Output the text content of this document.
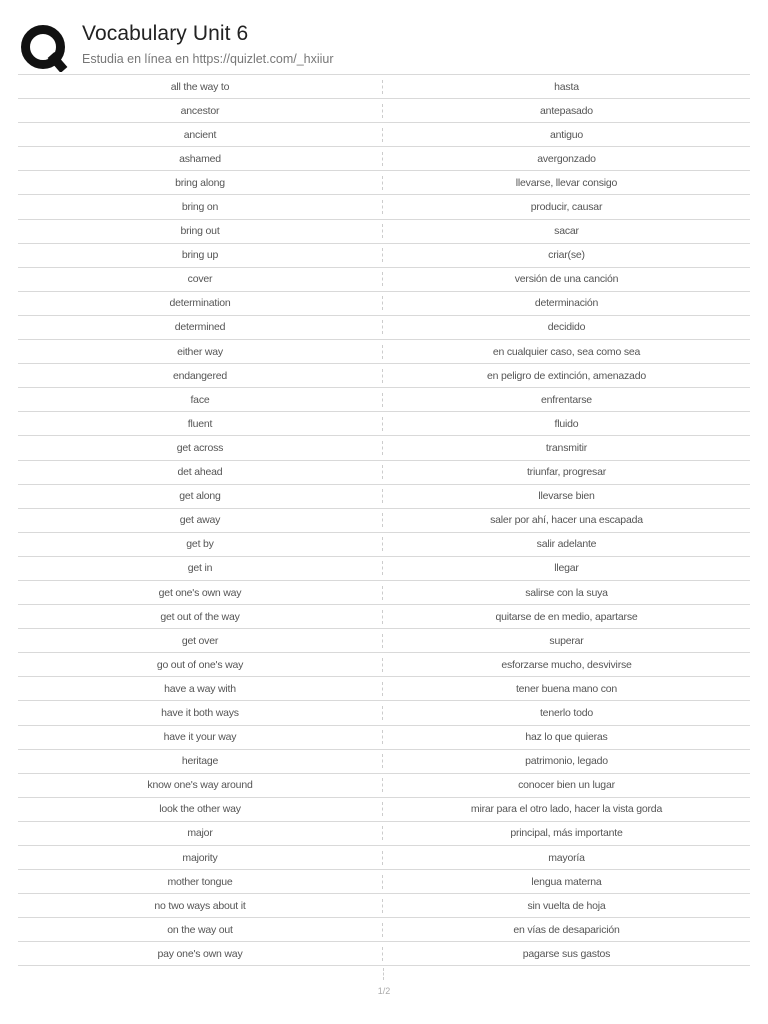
Vocabulary Unit 6
Estudia en línea en https://quizlet.com/_hxiiur
all the way to	hasta
ancestor	antepasado
ancient	antiguo
ashamed	avergonzado
bring along	llevarse, llevar consigo
bring on	producir, causar
bring out	sacar
bring up	criar(se)
cover	versión de una canción
determination	determinación
determined	decidido
either way	en cualquier caso, sea como sea
endangered	en peligro de extinción, amenazado
face	enfrentarse
fluent	fluido
get across	transmitir
det ahead	triunfar, progresar
get along	llevarse bien
get away	saler por ahí, hacer una escapada
get by	salir adelante
get in	llegar
get one's own way	salirse con la suya
get out of the way	quitarse de en medio, apartarse
get over	superar
go out of one's way	esforzarse mucho, desvivirse
have a way with	tener buena mano con
have it both ways	tenerlo todo
have it your way	haz lo que quieras
heritage	patrimonio, legado
know one's way around	conocer bien un lugar
look the other way	mirar para el otro lado, hacer la vista gorda
major	principal, más importante
majority	mayoría
mother tongue	lengua materna
no two ways about it	sin vuelta de hoja
on the way out	en vías de desaparición
pay one's own way	pagarse sus gastos
1/2
